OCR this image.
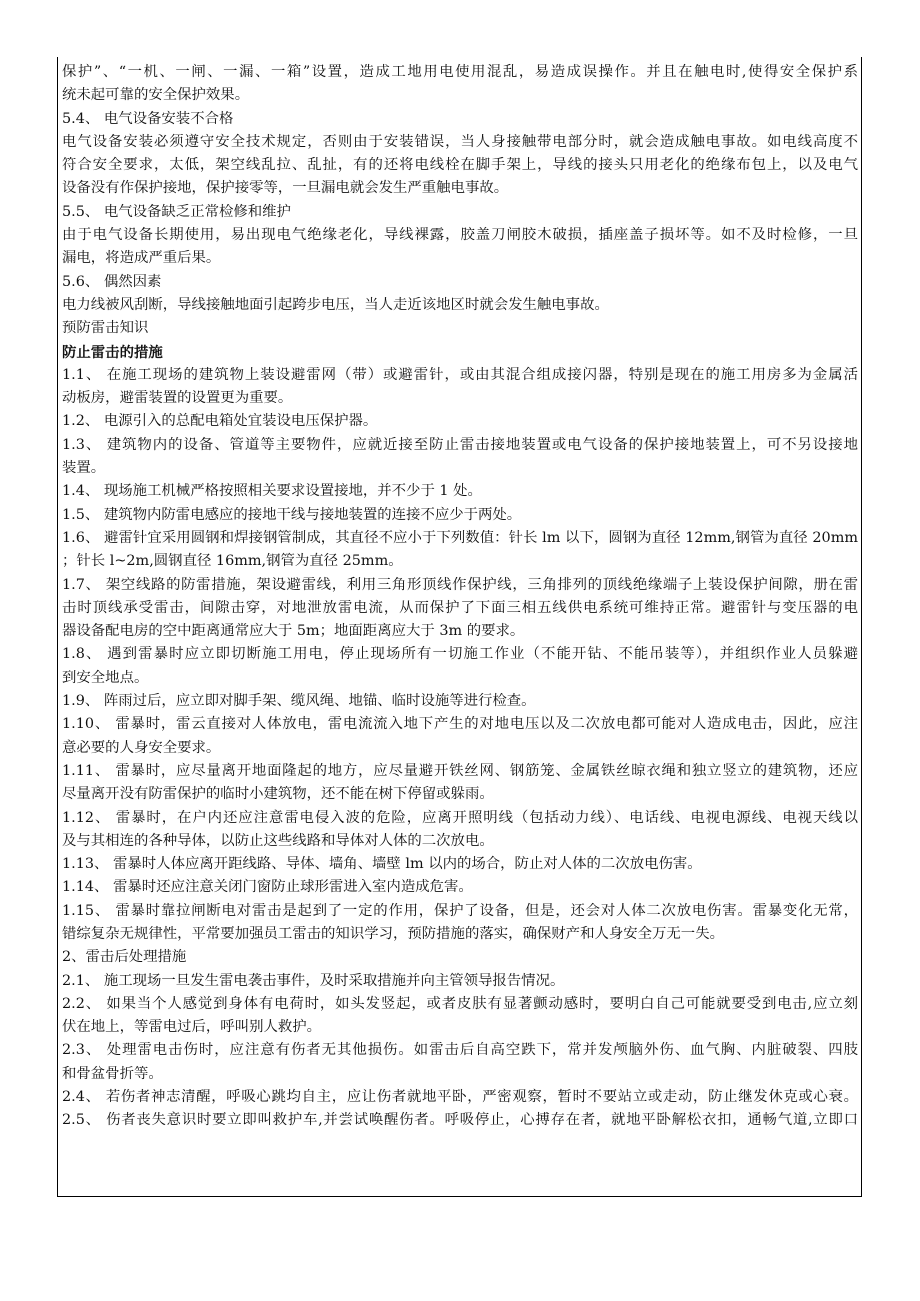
保护”、“一机、一闸、一漏、一箱”设置，造成工地用电使用混乱，易造成误操作。并且在触电时,使得安全保护系
统未起可靠的安全保护效果。
5.4、 电气设备安装不合格
电气设备安装必须遵守安全技术规定，否则由于安装错误，当人身接触带电部分时，就会造成触电事故。如电线高度不
符合安全要求，太低，架空线乱拉、乱扯，有的还将电线栓在脚手架上，导线的接头只用老化的绝缘布包上，以及电气
设备没有作保护接地，保护接零等，一旦漏电就会发生严重触电事故。
5.5、 电气设备缺乏正常检修和维护
由于电气设备长期使用，易出现电气绝缘老化，导线裸露，胶盖刀闸胶木破损，插座盖子损坏等。如不及时检修，一旦
漏电，将造成严重后果。
5.6、 偶然因素
电力线被风刮断，导线接触地面引起跨步电压，当人走近该地区时就会发生触电事故。
预防雷击知识
防止雷击的措施
1.1、 在施工现场的建筑物上装设避雷网（带）或避雷针，或由其混合组成接闪器，特别是现在的施工用房多为金属活
动板房，避雷装置的设置更为重要。
1.2、 电源引入的总配电箱处宜装设电压保护器。
1.3、 建筑物内的设备、管道等主要物件，应就近接至防止雷击接地装置或电气设备的保护接地装置上，可不另设接地
装置。
1.4、 现场施工机械严格按照相关要求设置接地，并不少于 1 处。
1.5、 建筑物内防雷电感应的接地干线与接地装置的连接不应少于两处。
1.6、 避雷针宜采用圆钢和焊接钢管制成，其直径不应小于下列数值：针长 lm 以下，圆钢为直径 12mm,钢管为直径 20mm
；针长 l~2m,圆钢直径 16mm,钢管为直径 25mm。
1.7、 架空线路的防雷措施，架设避雷线，利用三角形顶线作保护线，三角排列的顶线绝缘端子上装设保护间隙，册在雷
击时顶线承受雷击，间隙击穿，对地泄放雷电流，从而保护了下面三相五线供电系统可维持正常。避雷针与变压器的电
器设备配电房的空中距离通常应大于 5m；地面距离应大于 3m 的要求。
1.8、 遇到雷暴时应立即切断施工用电，停止现场所有一切施工作业（不能开钻、不能吊装等），并组织作业人员躲避
到安全地点。
1.9、 阵雨过后，应立即对脚手架、缆风绳、地锚、临时设施等进行检查。
1.10、 雷暴时，雷云直接对人体放电，雷电流流入地下产生的对地电压以及二次放电都可能对人造成电击，因此，应注
意必要的人身安全要求。
1.11、 雷暴时，应尽量离开地面隆起的地方，应尽量避开铁丝网、钢筋笼、金属铁丝晾衣绳和独立竖立的建筑物，还应
尽量离开没有防雷保护的临时小建筑物，还不能在树下停留或躲雨。
1.12、 雷暴时，在户内还应注意雷电侵入波的危险，应离开照明线（包括动力线）、电话线、电视电源线、电视天线以
及与其相连的各种导体，以防止这些线路和导体对人体的二次放电。
1.13、 雷暴时人体应离开距线路、导体、墙角、墙壁 lm 以内的场合，防止对人体的二次放电伤害。
1.14、 雷暴时还应注意关闭门窗防止球形雷进入室内造成危害。
1.15、 雷暴时靠拉闸断电对雷击是起到了一定的作用，保护了设备，但是，还会对人体二次放电伤害。雷暴变化无常，
错综复杂无规律性，平常要加强员工雷击的知识学习，预防措施的落实，确保财产和人身安全万无一失。
2、雷击后处理措施
2.1、 施工现场一旦发生雷电袭击事件，及时采取措施并向主管领导报告情况。
2.2、 如果当个人感觉到身体有电荷时，如头发竖起，或者皮肤有显著颤动感时，要明白自己可能就要受到电击,应立刻
伏在地上，等雷电过后，呼叫别人救护。
2.3、 处理雷电击伤时，应注意有伤者无其他损伤。如雷击后自高空跌下，常并发颅脑外伤、血气胸、内脏破裂、四肢
和骨盆骨折等。
2.4、 若伤者神志清醒，呼吸心跳均自主，应让伤者就地平卧，严密观察，暂时不要站立或走动，防止继发休克或心衰。
2.5、 伤者丧失意识时要立即叫救护车,并尝试唤醒伤者。呼吸停止，心搏存在者，就地平卧解松衣扣，通畅气道,立即口
